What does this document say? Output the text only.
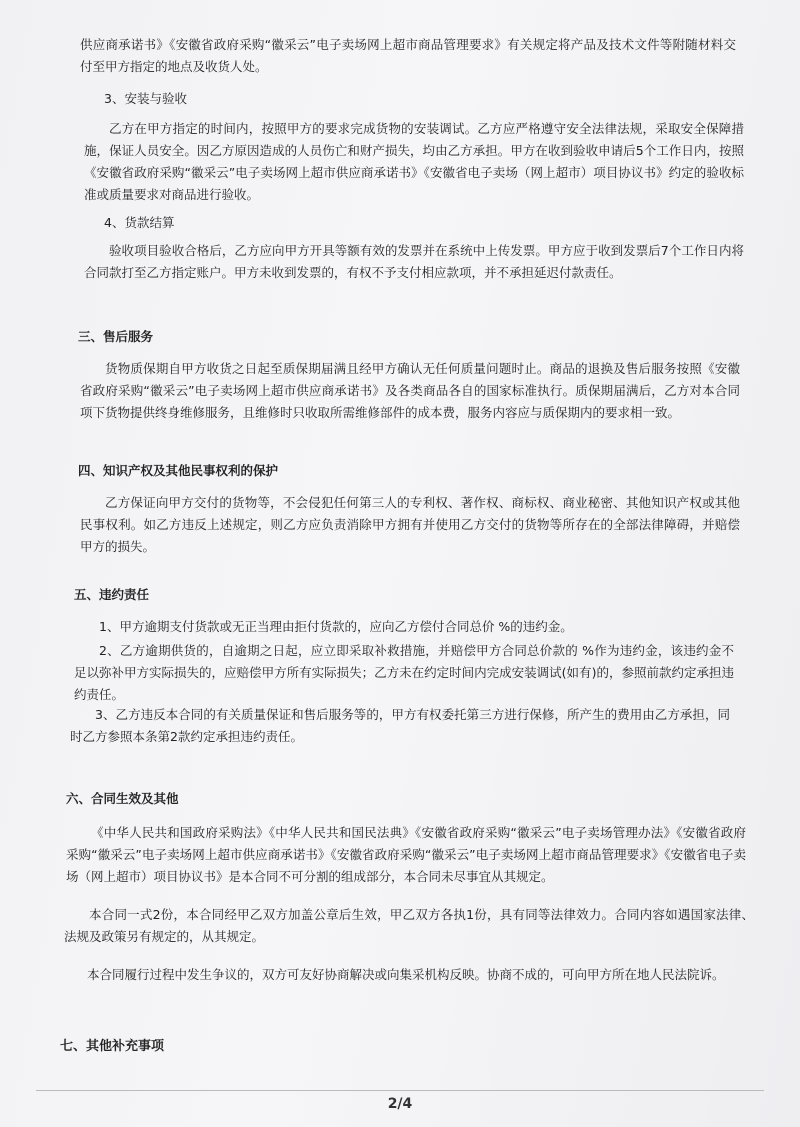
供应商承诺书》《安徽省政府采购“徽采云”电子卖场网上超市商品管理要求》有关规定将产品及技术文件等附随材料交付至甲方指定的地点及收货人处。

3、安装与验收

乙方在甲方指定的时间内，按照甲方的要求完成货物的安装调试。乙方应严格遵守安全法律法规，采取安全保障措施，保证人员安全。因乙方原因造成的人员伤亡和财产损失，均由乙方承担。甲方在收到验收申请后5个工作日内，按照《安徽省政府采购“徽采云”电子卖场网上超市供应商承诺书》《安徽省电子卖场（网上超市）项目协议书》约定的验收标准或质量要求对商品进行验收。

4、货款结算

验收项目验收合格后，乙方应向甲方开具等额有效的发票并在系统中上传发票。甲方应于收到发票后7个工作日内将合同款打至乙方指定账户。甲方未收到发票的，有权不予支付相应款项，并不承担延迟付款责任。

三、售后服务

货物质保期自甲方收货之日起至质保期届满且经甲方确认无任何质量问题时止。商品的退换及售后服务按照《安徽省政府采购“徽采云”电子卖场网上超市供应商承诺书》及各类商品各自的国家标准执行。质保期届满后，乙方对本合同项下货物提供终身维修服务，且维修时只收取所需维修部件的成本费，服务内容应与质保期内的要求相一致。

四、知识产权及其他民事权利的保护

乙方保证向甲方交付的货物等，不会侵犯任何第三人的专利权、著作权、商标权、商业秘密、其他知识产权或其他民事权利。如乙方违反上述规定，则乙方应负责消除甲方拥有并使用乙方交付的货物等所存在的全部法律障碍，并赔偿甲方的损失。

五、违约责任

1、甲方逾期支付货款或无正当理由拒付货款的，应向乙方偿付合同总价 %的违约金。

2、乙方逾期供货的，自逾期之日起，应立即采取补救措施，并赔偿甲方合同总价款的 %作为违约金，该违约金不足以弥补甲方实际损失的，应赔偿甲方所有实际损失；乙方未在约定时间内完成安装调试(如有)的，参照前款约定承担违约责任。

3、乙方违反本合同的有关质量保证和售后服务等的，甲方有权委托第三方进行保修，所产生的费用由乙方承担，同时乙方参照本条第2款约定承担违约责任。

六、合同生效及其他

《中华人民共和国政府采购法》《中华人民共和国民法典》《安徽省政府采购“徽采云”电子卖场管理办法》《安徽省政府采购“徽采云”电子卖场网上超市供应商承诺书》《安徽省政府采购“徽采云”电子卖场网上超市商品管理要求》《安徽省电子卖场（网上超市）项目协议书》是本合同不可分割的组成部分，本合同未尽事宜从其规定。

本合同一式2份，本合同经甲乙双方加盖公章后生效，甲乙双方各执1份，具有同等法律效力。合同内容如遇国家法律、法规及政策另有规定的，从其规定。

本合同履行过程中发生争议的，双方可友好协商解决或向集采机构反映。协商不成的，可向甲方所在地人民法院诉。

七、其他补充事项

2/4
